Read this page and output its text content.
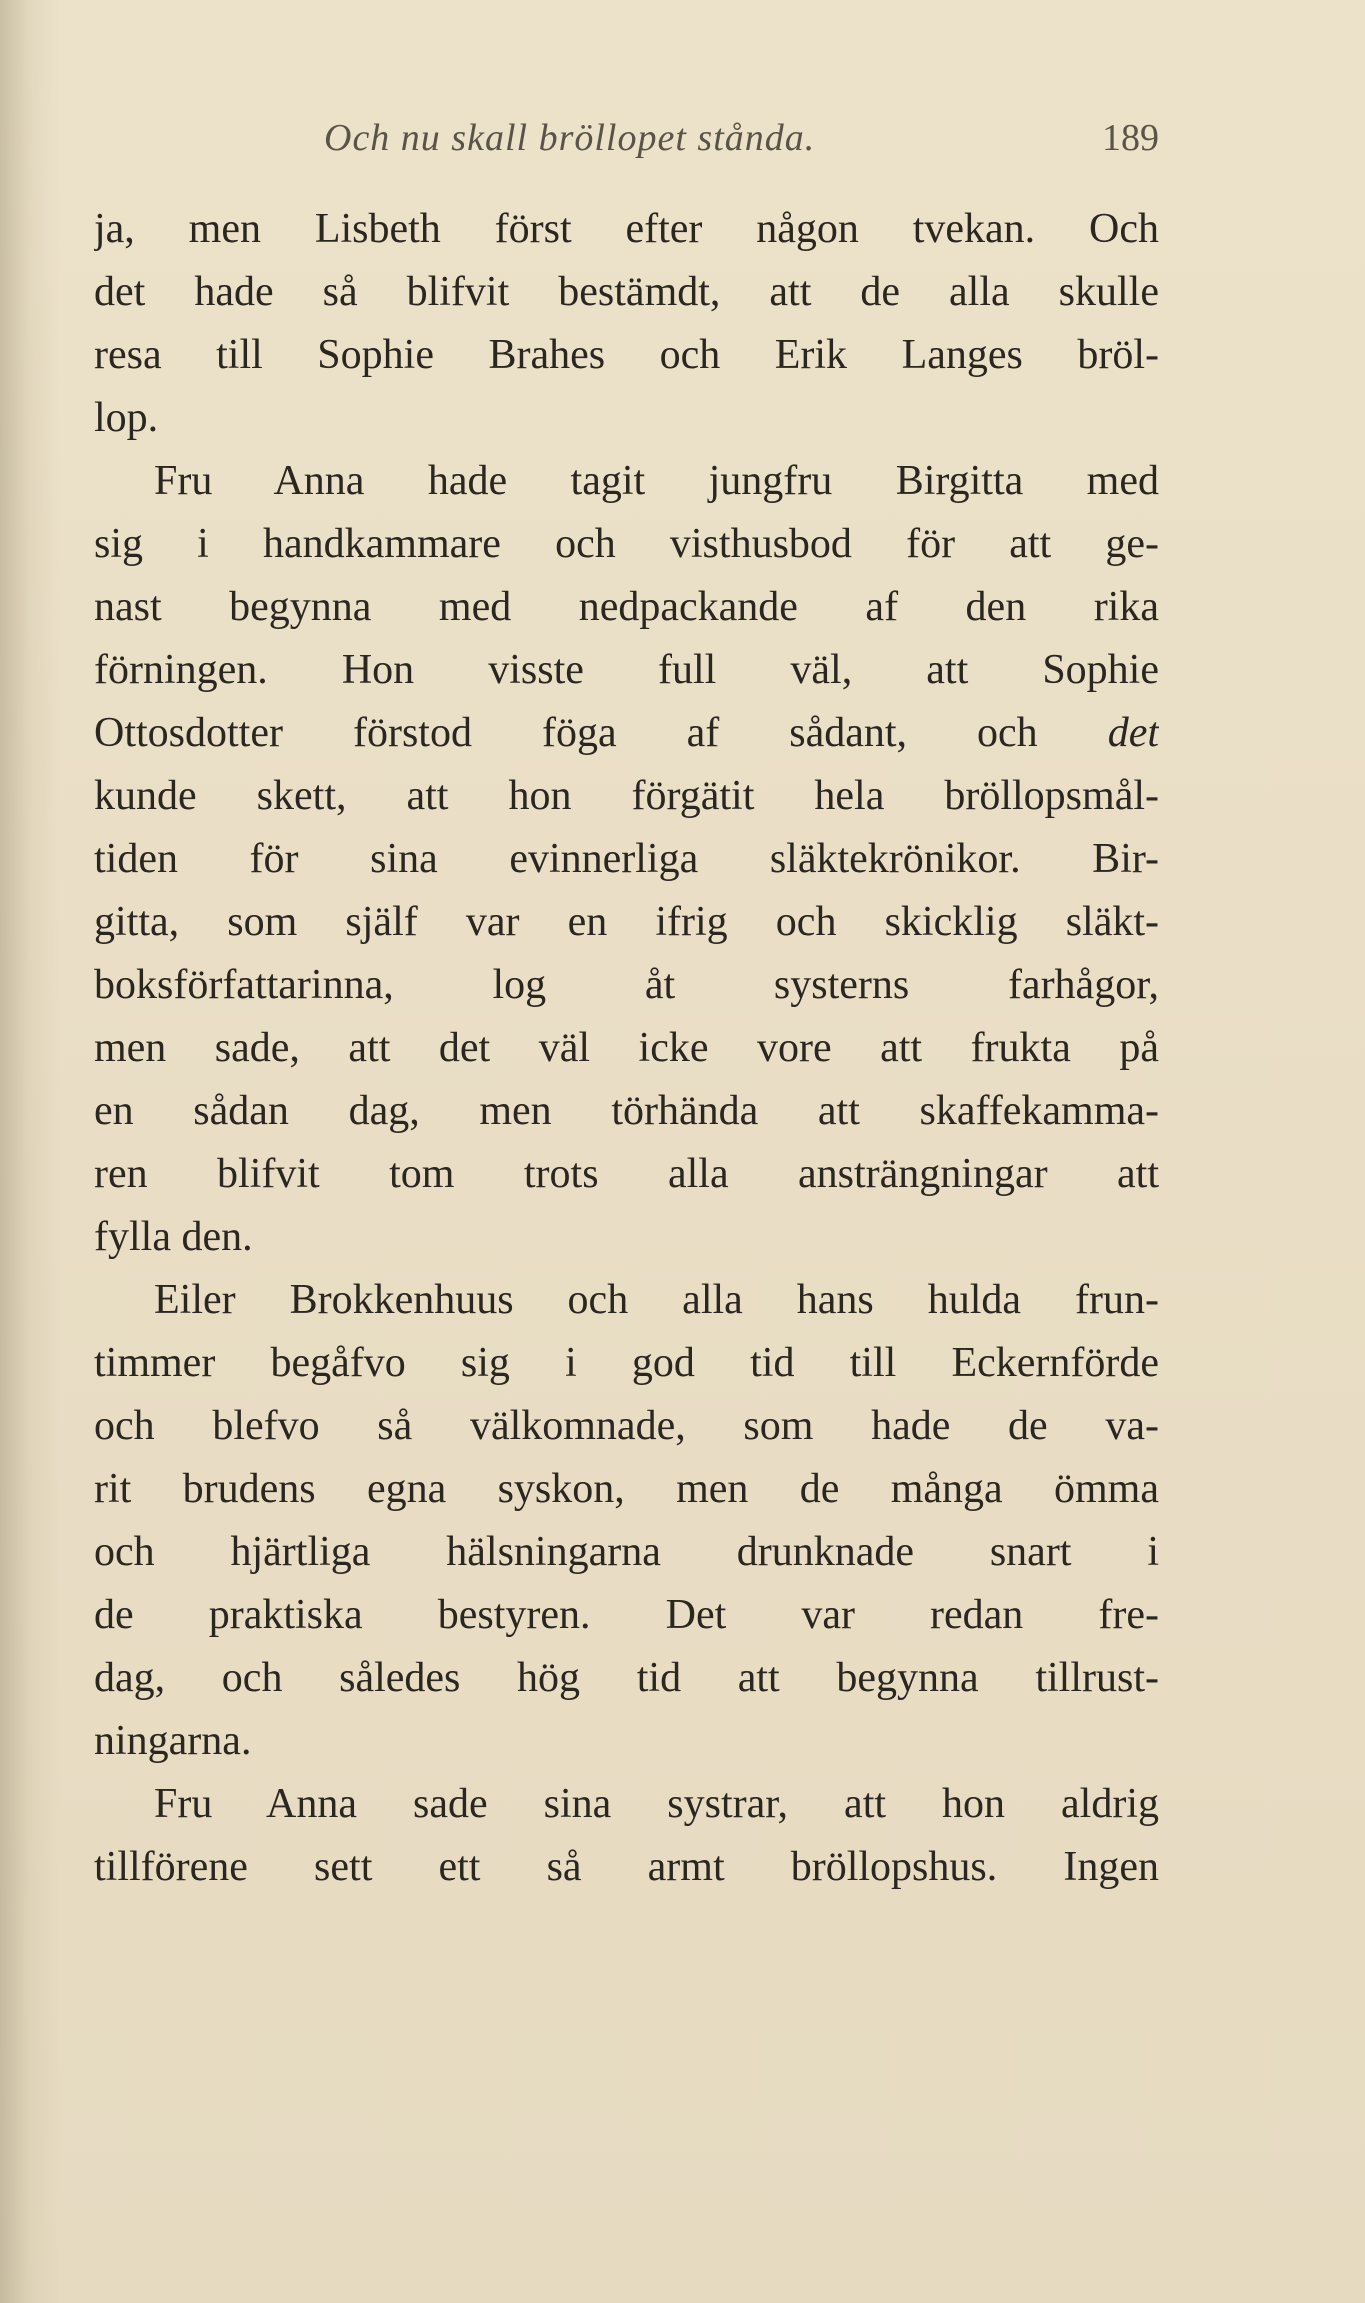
Och nu skall bröllopet stånda.	189
ja, men Lisbeth först efter någon tvekan. Och
det hade så blifvit bestämdt, att de alla skulle
resa till Sophie Brahes och Erik Langes bröl-
lop.
Fru Anna hade tagit jungfru Birgitta med
sig i handkammare och visthusbod för att ge-
nast begynna med nedpackande af den rika
förningen. Hon visste full väl, att Sophie
Ottosdotter förstod föga af sådant, och det
kunde skett, att hon förgätit hela bröllopsmål-
tiden för sina evinnerliga släktekrönikor. Bir-
gitta, som själf var en ifrig och skicklig släkt-
boksförfattarinna, log åt systerns farhågor,
men sade, att det väl icke vore att frukta på
en sådan dag, men törhända att skaffekamma-
ren blifvit tom trots alla ansträngningar att
fylla den.
Eiler Brokkenhuus och alla hans hulda frun-
timmer begåfvo sig i god tid till Eckernförde
och blefvo så välkomnade, som hade de va-
rit brudens egna syskon, men de många ömma
och hjärtliga hälsningarna drunknade snart i
de praktiska bestyren. Det var redan fre-
dag, och således hög tid att begynna tillrust-
ningarna.
Fru Anna sade sina systrar, att hon aldrig
tillförene sett ett så armt bröllopshus. Ingen
